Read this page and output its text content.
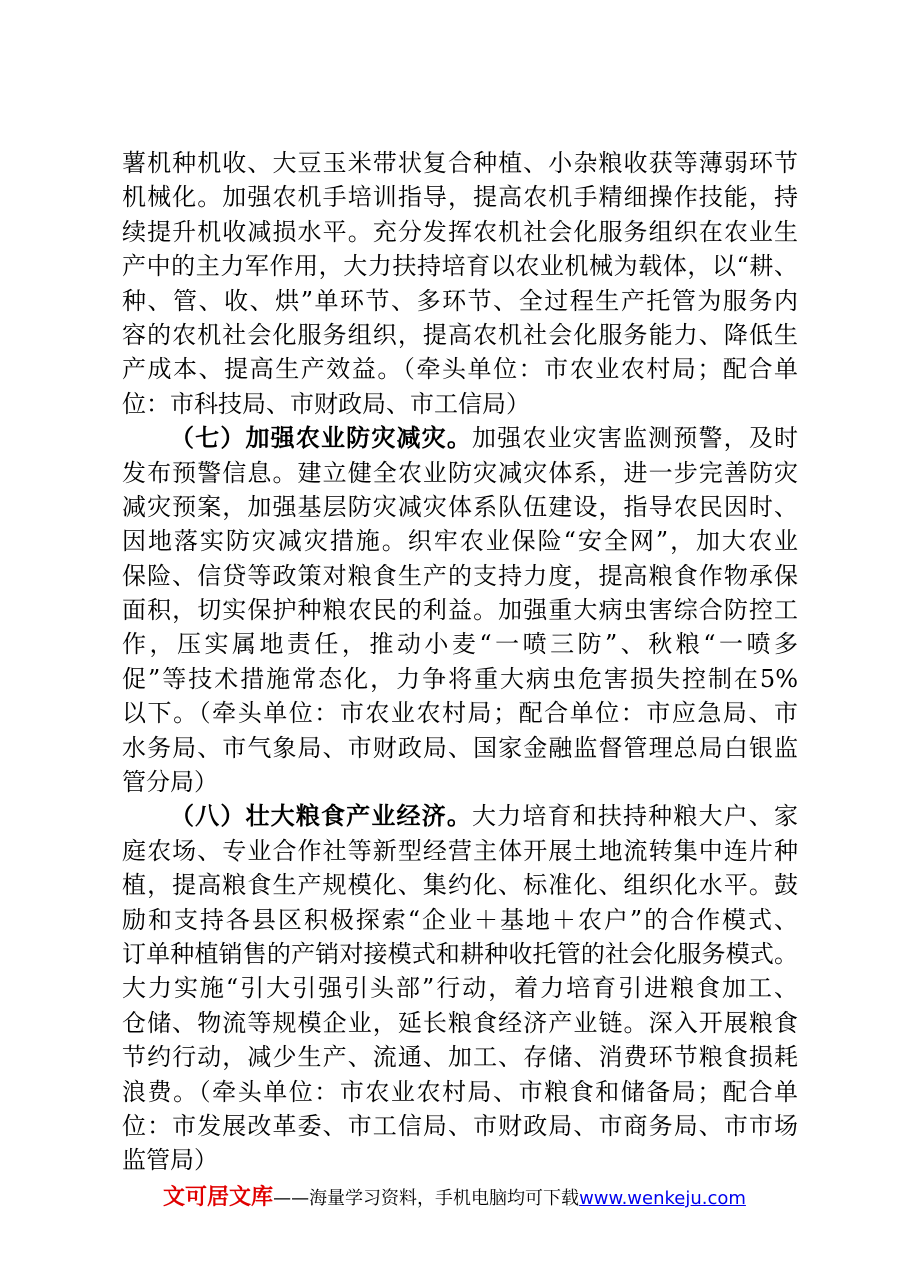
薯机种机收、大豆玉米带状复合种植、小杂粮收获等薄弱环节
机械化。加强农机手培训指导，提高农机手精细操作技能，持
续提升机收减损水平。充分发挥农机社会化服务组织在农业生
产中的主力军作用，大力扶持培育以农业机械为载体，以“耕、
种、管、收、烘”单环节、多环节、全过程生产托管为服务内
容的农机社会化服务组织，提高农机社会化服务能力、降低生
产成本、提高生产效益。（牵头单位：市农业农村局；配合单
位：市科技局、市财政局、市工信局）
（七）加强农业防灾减灾。加强农业灾害监测预警，及时
发布预警信息。建立健全农业防灾减灾体系，进一步完善防灾
减灾预案，加强基层防灾减灾体系队伍建设，指导农民因时、
因地落实防灾减灾措施。织牢农业保险“安全网”，加大农业
保险、信贷等政策对粮食生产的支持力度，提高粮食作物承保
面积，切实保护种粮农民的利益。加强重大病虫害综合防控工
作，压实属地责任，推动小麦“一喷三防”、秋粮“一喷多
促”等技术措施常态化，力争将重大病虫危害损失控制在5%
以下。（牵头单位：市农业农村局；配合单位：市应急局、市
水务局、市气象局、市财政局、国家金融监督管理总局白银监
管分局）
（八）壮大粮食产业经济。大力培育和扶持种粮大户、家
庭农场、专业合作社等新型经营主体开展土地流转集中连片种
植，提高粮食生产规模化、集约化、标准化、组织化水平。鼓
励和支持各县区积极探索“企业＋基地＋农户”的合作模式、
订单种植销售的产销对接模式和耕种收托管的社会化服务模式。
大力实施“引大引强引头部”行动，着力培育引进粮食加工、
仓储、物流等规模企业，延长粮食经济产业链。深入开展粮食
节约行动，减少生产、流通、加工、存储、消费环节粮食损耗
浪费。（牵头单位：市农业农村局、市粮食和储备局；配合单
位：市发展改革委、市工信局、市财政局、市商务局、市市场
监管局）
文可居文库——海量学习资料，手机电脑均可下载www.wenkeju.com
